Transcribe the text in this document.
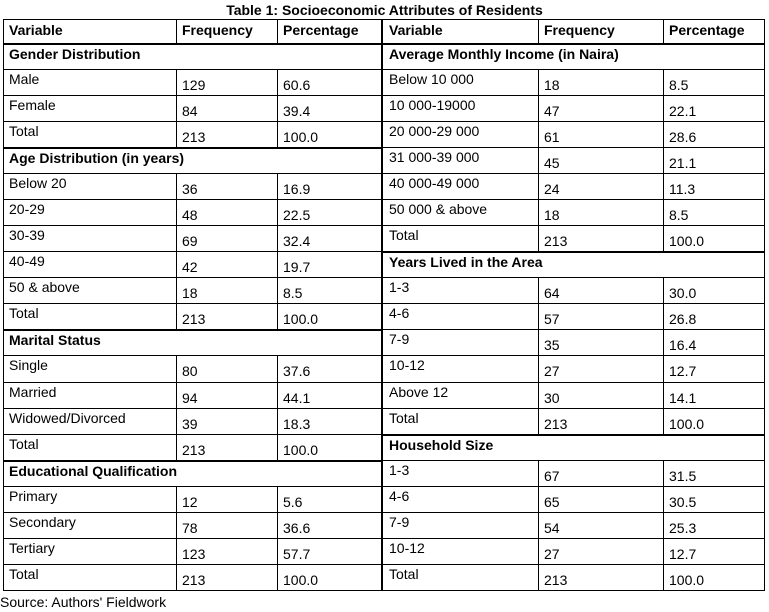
Table 1: Socioeconomic Attributes of Residents
Variable	Frequency Percentage
Gender Distribution
Male	129	60.6
Female	84	39.4
Total	213	100.0
Age Distribution (in years)
Below 20	36	16.9
20-29	48	22.5
30-39	69	32.4
40-49	42	19.7
50 & above	18	8.5
Total	213	100.0
Marital Status
Single	80	37.6
Married	94	44.1
Widowed/Divorced	39	18.3
Total	213	100.0
Educational Qualification
Primary	12	5.6
Secondary	78	36.6
Tertiary	123	57.7
Total	213	100.0
Variable	Frequency	Percentage
Average Monthly Income (in Naira)
Below 10 000	18	8.5
10 000-19000	47	22.1
20 000-29 000	61	28.6
31 000-39 000	45	21.1
40 000-49 000	24	11.3
50 000 & above	18	8.5
Total	213	100.0
Years Lived in the Area
1-3	64	30.0
4-6	57	26.8
7-9	35	16.4
10-12	27	12.7
Above 12	30	14.1
Total	213	100.0
Household Size
1-3	67	31.5
4-6	65	30.5
7-9	54	25.3
10-12	27	12.7
Total	213	100.0
Source: Authors' Fieldwork
